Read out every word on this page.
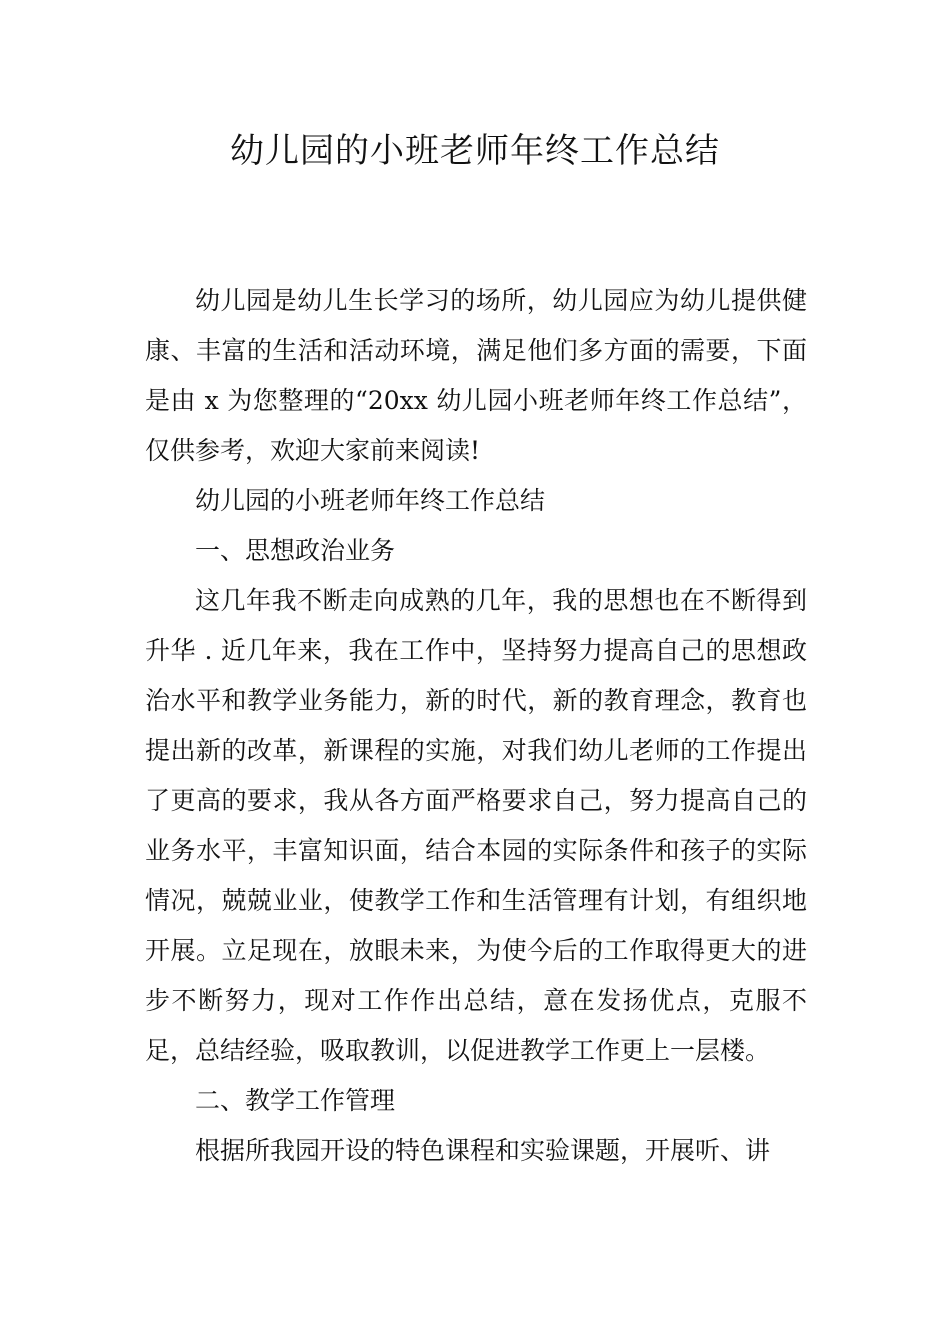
幼儿园的小班老师年终工作总结

幼儿园是幼儿生长学习的场所，幼儿园应为幼儿提供健康、丰富的生活和活动环境，满足他们多方面的需要，下面是由 x 为您整理的“20xx 幼儿园小班老师年终工作总结”，仅供参考，欢迎大家前来阅读!

幼儿园的小班老师年终工作总结

一、思想政治业务

这几年我不断走向成熟的几年，我的思想也在不断得到升华 . 近几年来，我在工作中，坚持努力提高自己的思想政治水平和教学业务能力，新的时代，新的教育理念，教育也提出新的改革，新课程的实施，对我们幼儿老师的工作提出了更高的要求，我从各方面严格要求自己，努力提高自己的业务水平，丰富知识面，结合本园的实际条件和孩子的实际情况，兢兢业业，使教学工作和生活管理有计划，有组织地开展。立足现在，放眼未来，为使今后的工作取得更大的进步不断努力，现对工作作出总结，意在发扬优点，克服不足，总结经验，吸取教训，以促进教学工作更上一层楼。

二、教学工作管理

根据所我园开设的特色课程和实验课题，开展听、讲
